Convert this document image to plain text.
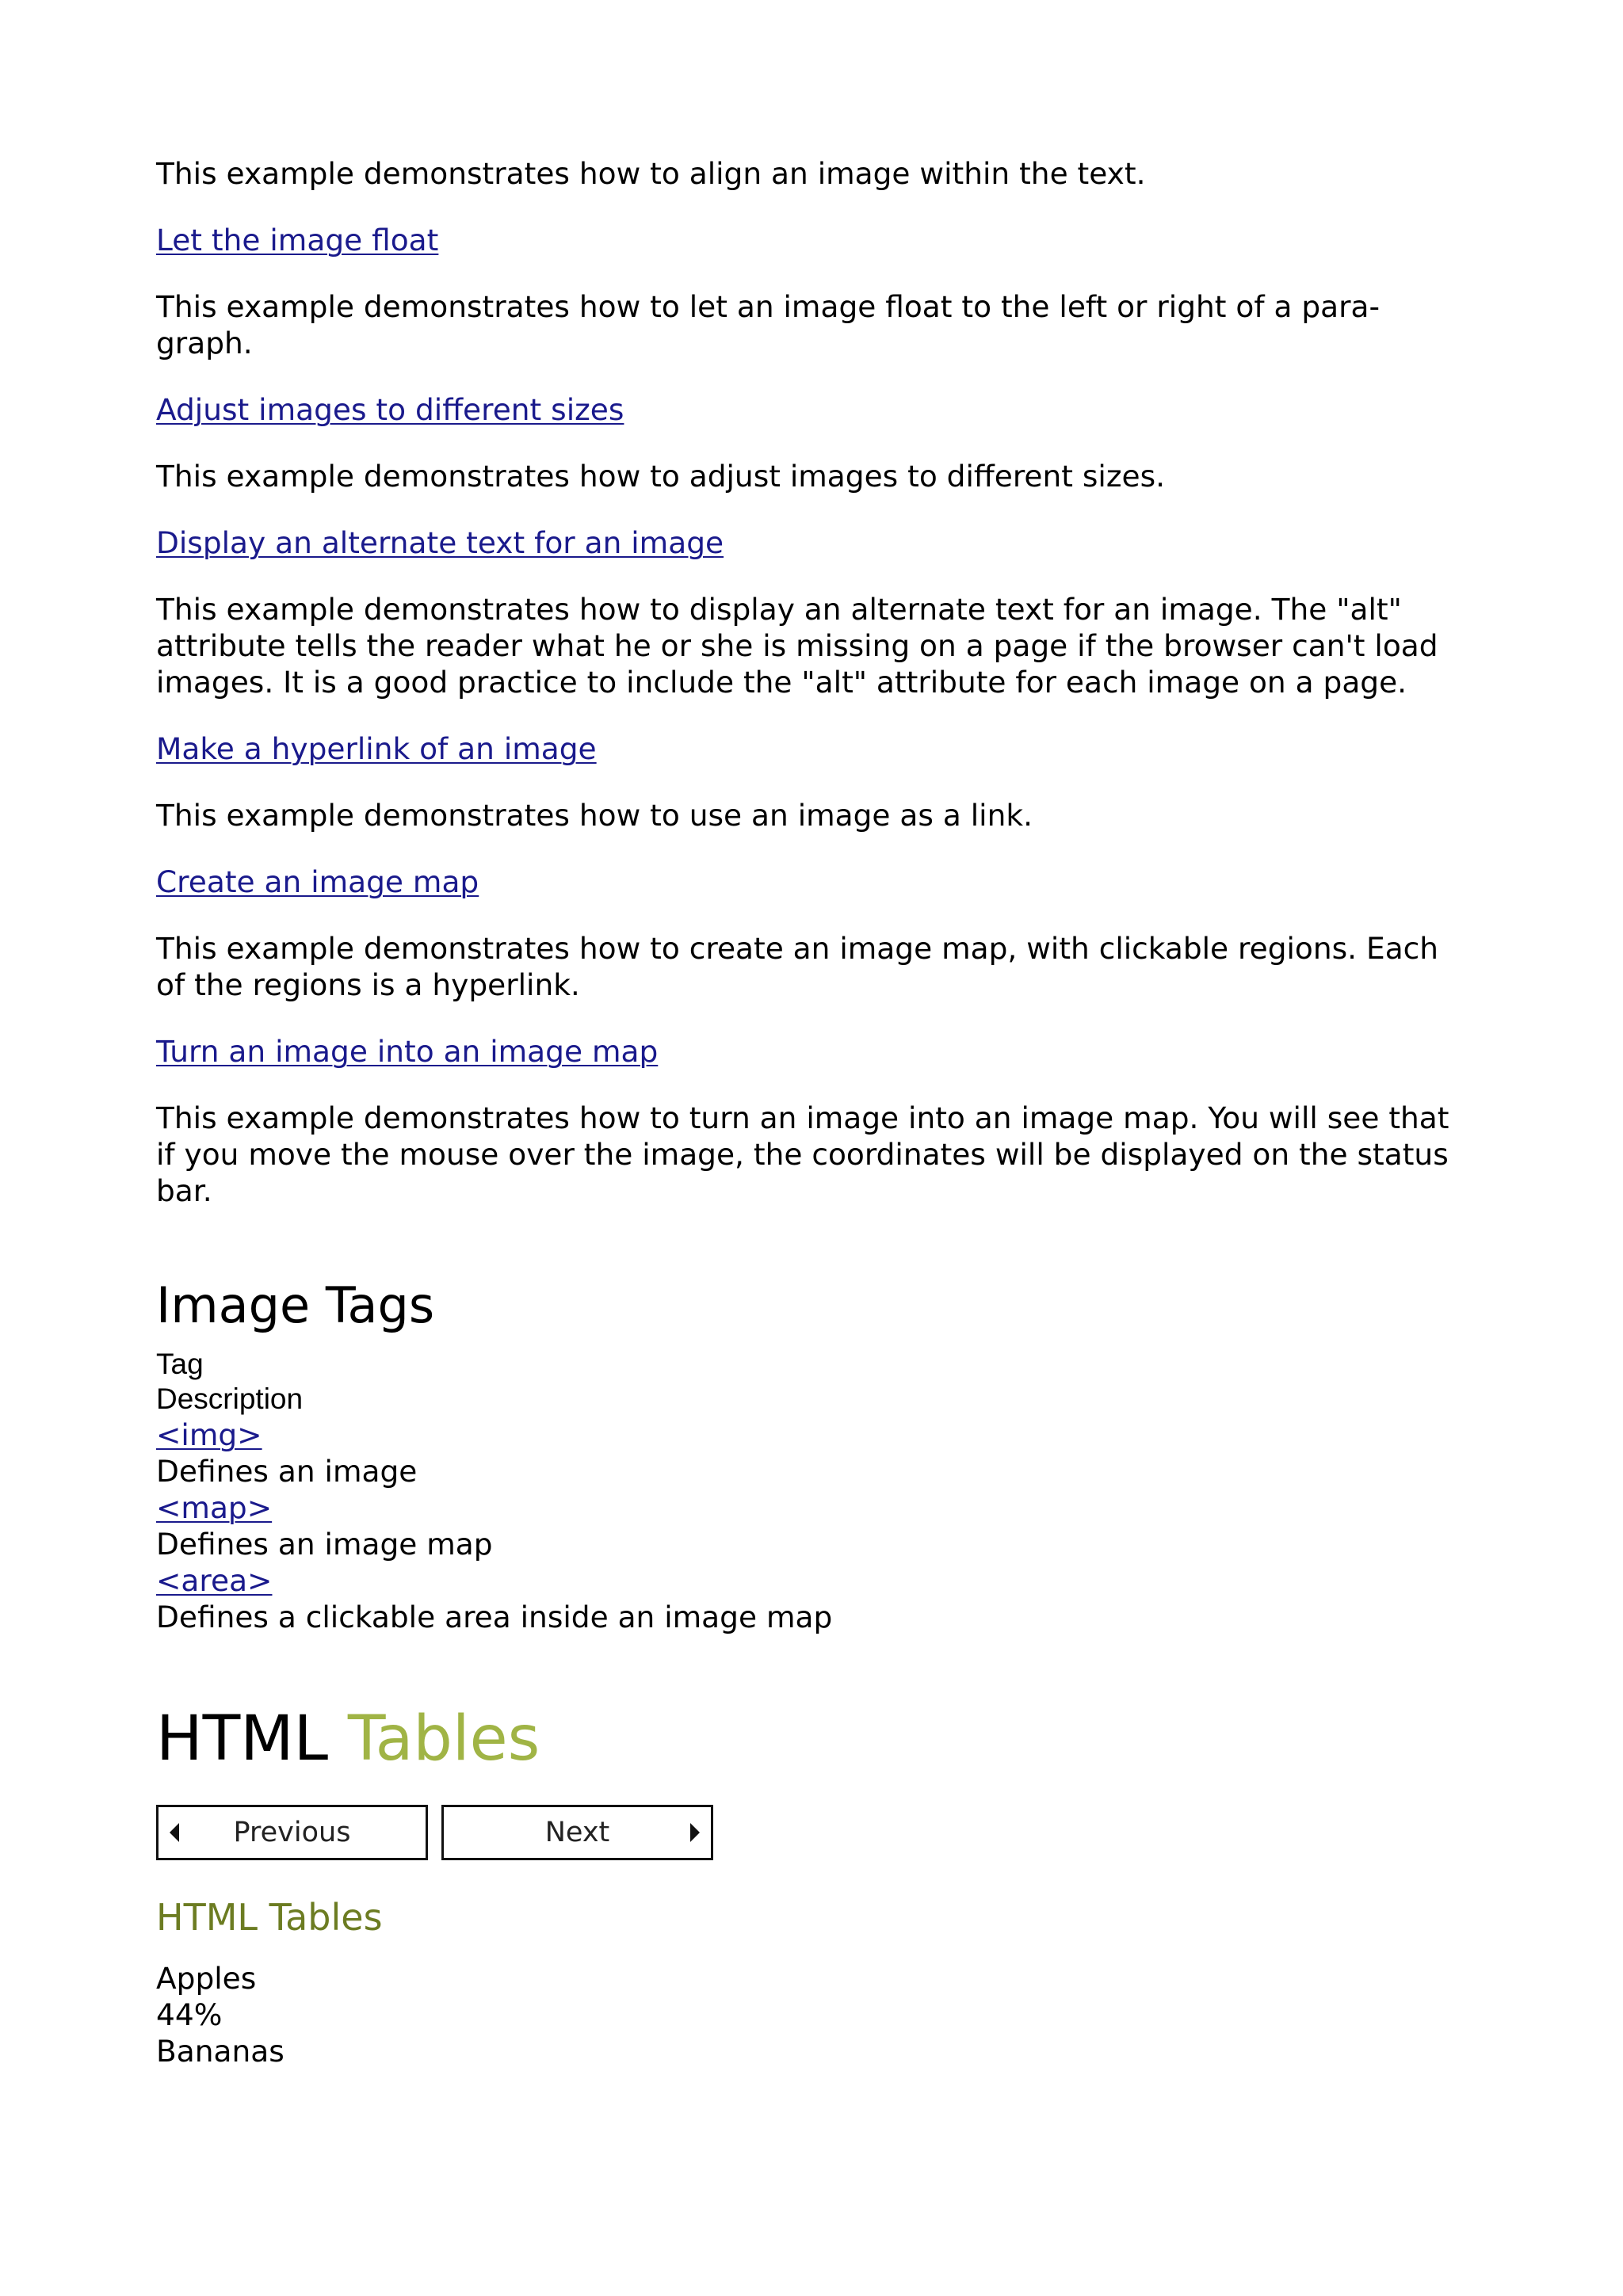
This example demonstrates how to align an image within the text.

Let the image float

This example demonstrates how to let an image float to the left or right of a para-
graph.

Adjust images to different sizes

This example demonstrates how to adjust images to different sizes.

Display an alternate text for an image

This example demonstrates how to display an alternate text for an image. The "alt" attribute tells the reader what he or she is missing on a page if the browser can't load images. It is a good practice to include the "alt" attribute for each image on a page.

Make a hyperlink of an image

This example demonstrates how to use an image as a link.

Create an image map

This example demonstrates how to create an image map, with clickable regions. Each of the regions is a hyperlink.

Turn an image into an image map

This example demonstrates how to turn an image into an image map. You will see that if you move the mouse over the image, the coordinates will be displayed on the status bar.

Image Tags
Tag
Description
<img>
Defines an image
<map>
Defines an image map
<area>
Defines a clickable area inside an image map
HTML Tables
Previous	Next
HTML Tables
Apples
44%
Bananas
